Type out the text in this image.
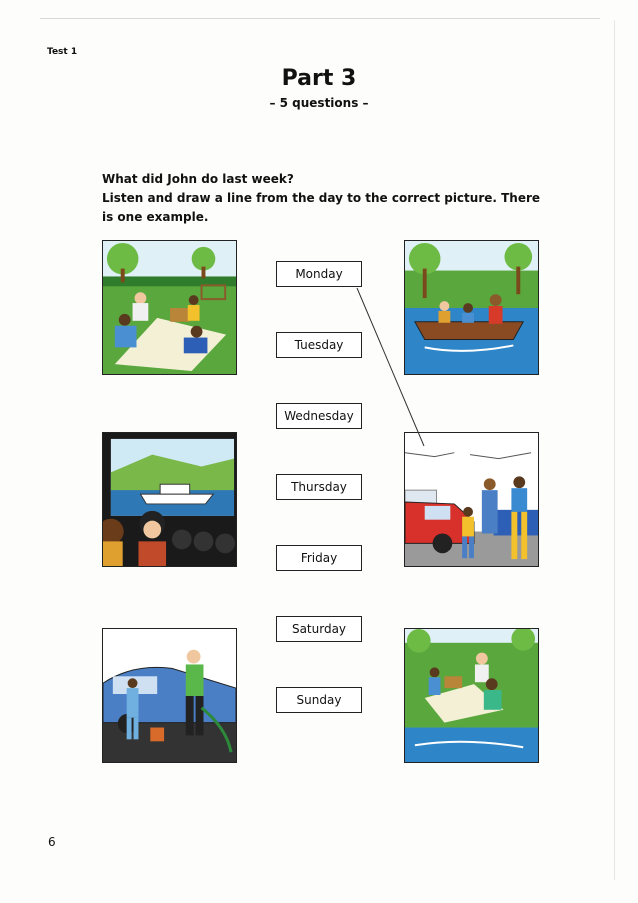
Test 1
Part 3
– 5 questions –
What did John do last week?
Listen and draw a line from the day to the correct picture. There is one example.
Monday
Tuesday
Wednesday
Thursday
Friday
Saturday
Sunday
6
